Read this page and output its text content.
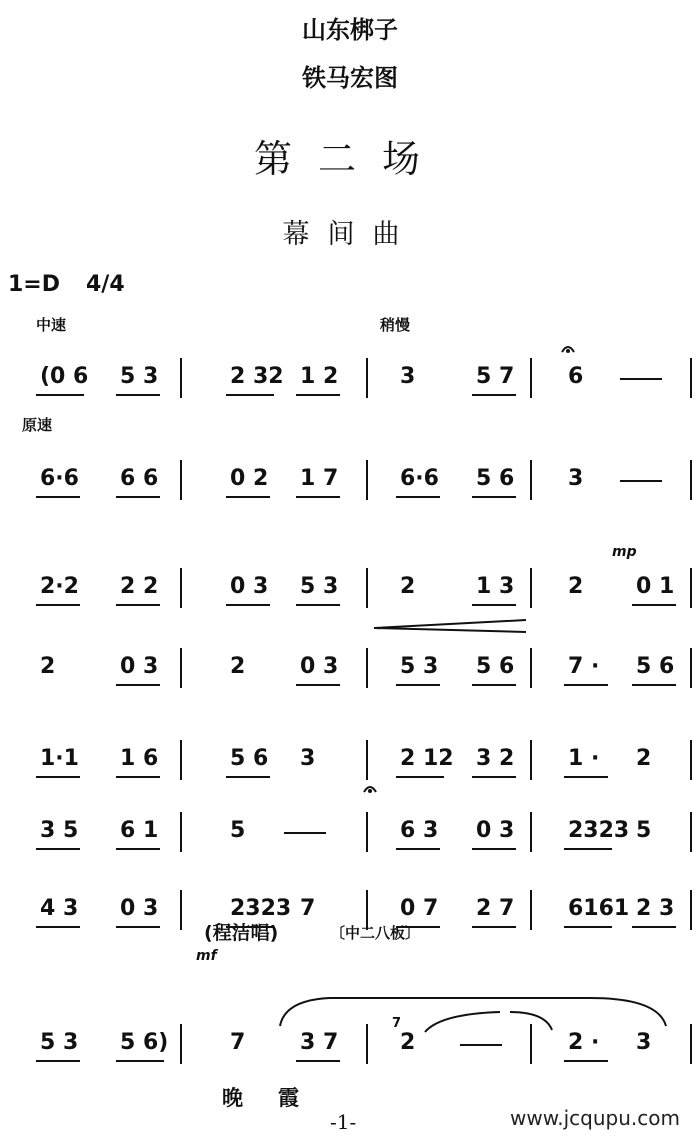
山东梆子
铁马宏图
第二场
幕间曲
1=D 4/4
中速	稍慢
原速
mp
mf
(0 6 5 3	2 32 1 2	3	5 7 6
6·6 6 6	0 2 1 7	6·6 5 6 3
2·2 2 2	0 3 5 3	2	1 3 2 0 1
2	0 3	2 0 3	5 3 5 6 7 · 5 6
1·1 1 6	5 6 3	2 12 3 2 1 · 2
3 5 6 1	5	6 3 0 3 2323 5
4 3 0 3	2323 7	0 7 2 7 6161 2 3
5 3 5 6)	7 3 7	2	2 · 3
(程洁唱)	〔中二八板〕
7
晚 霞
-1-	www.jcqupu.com
